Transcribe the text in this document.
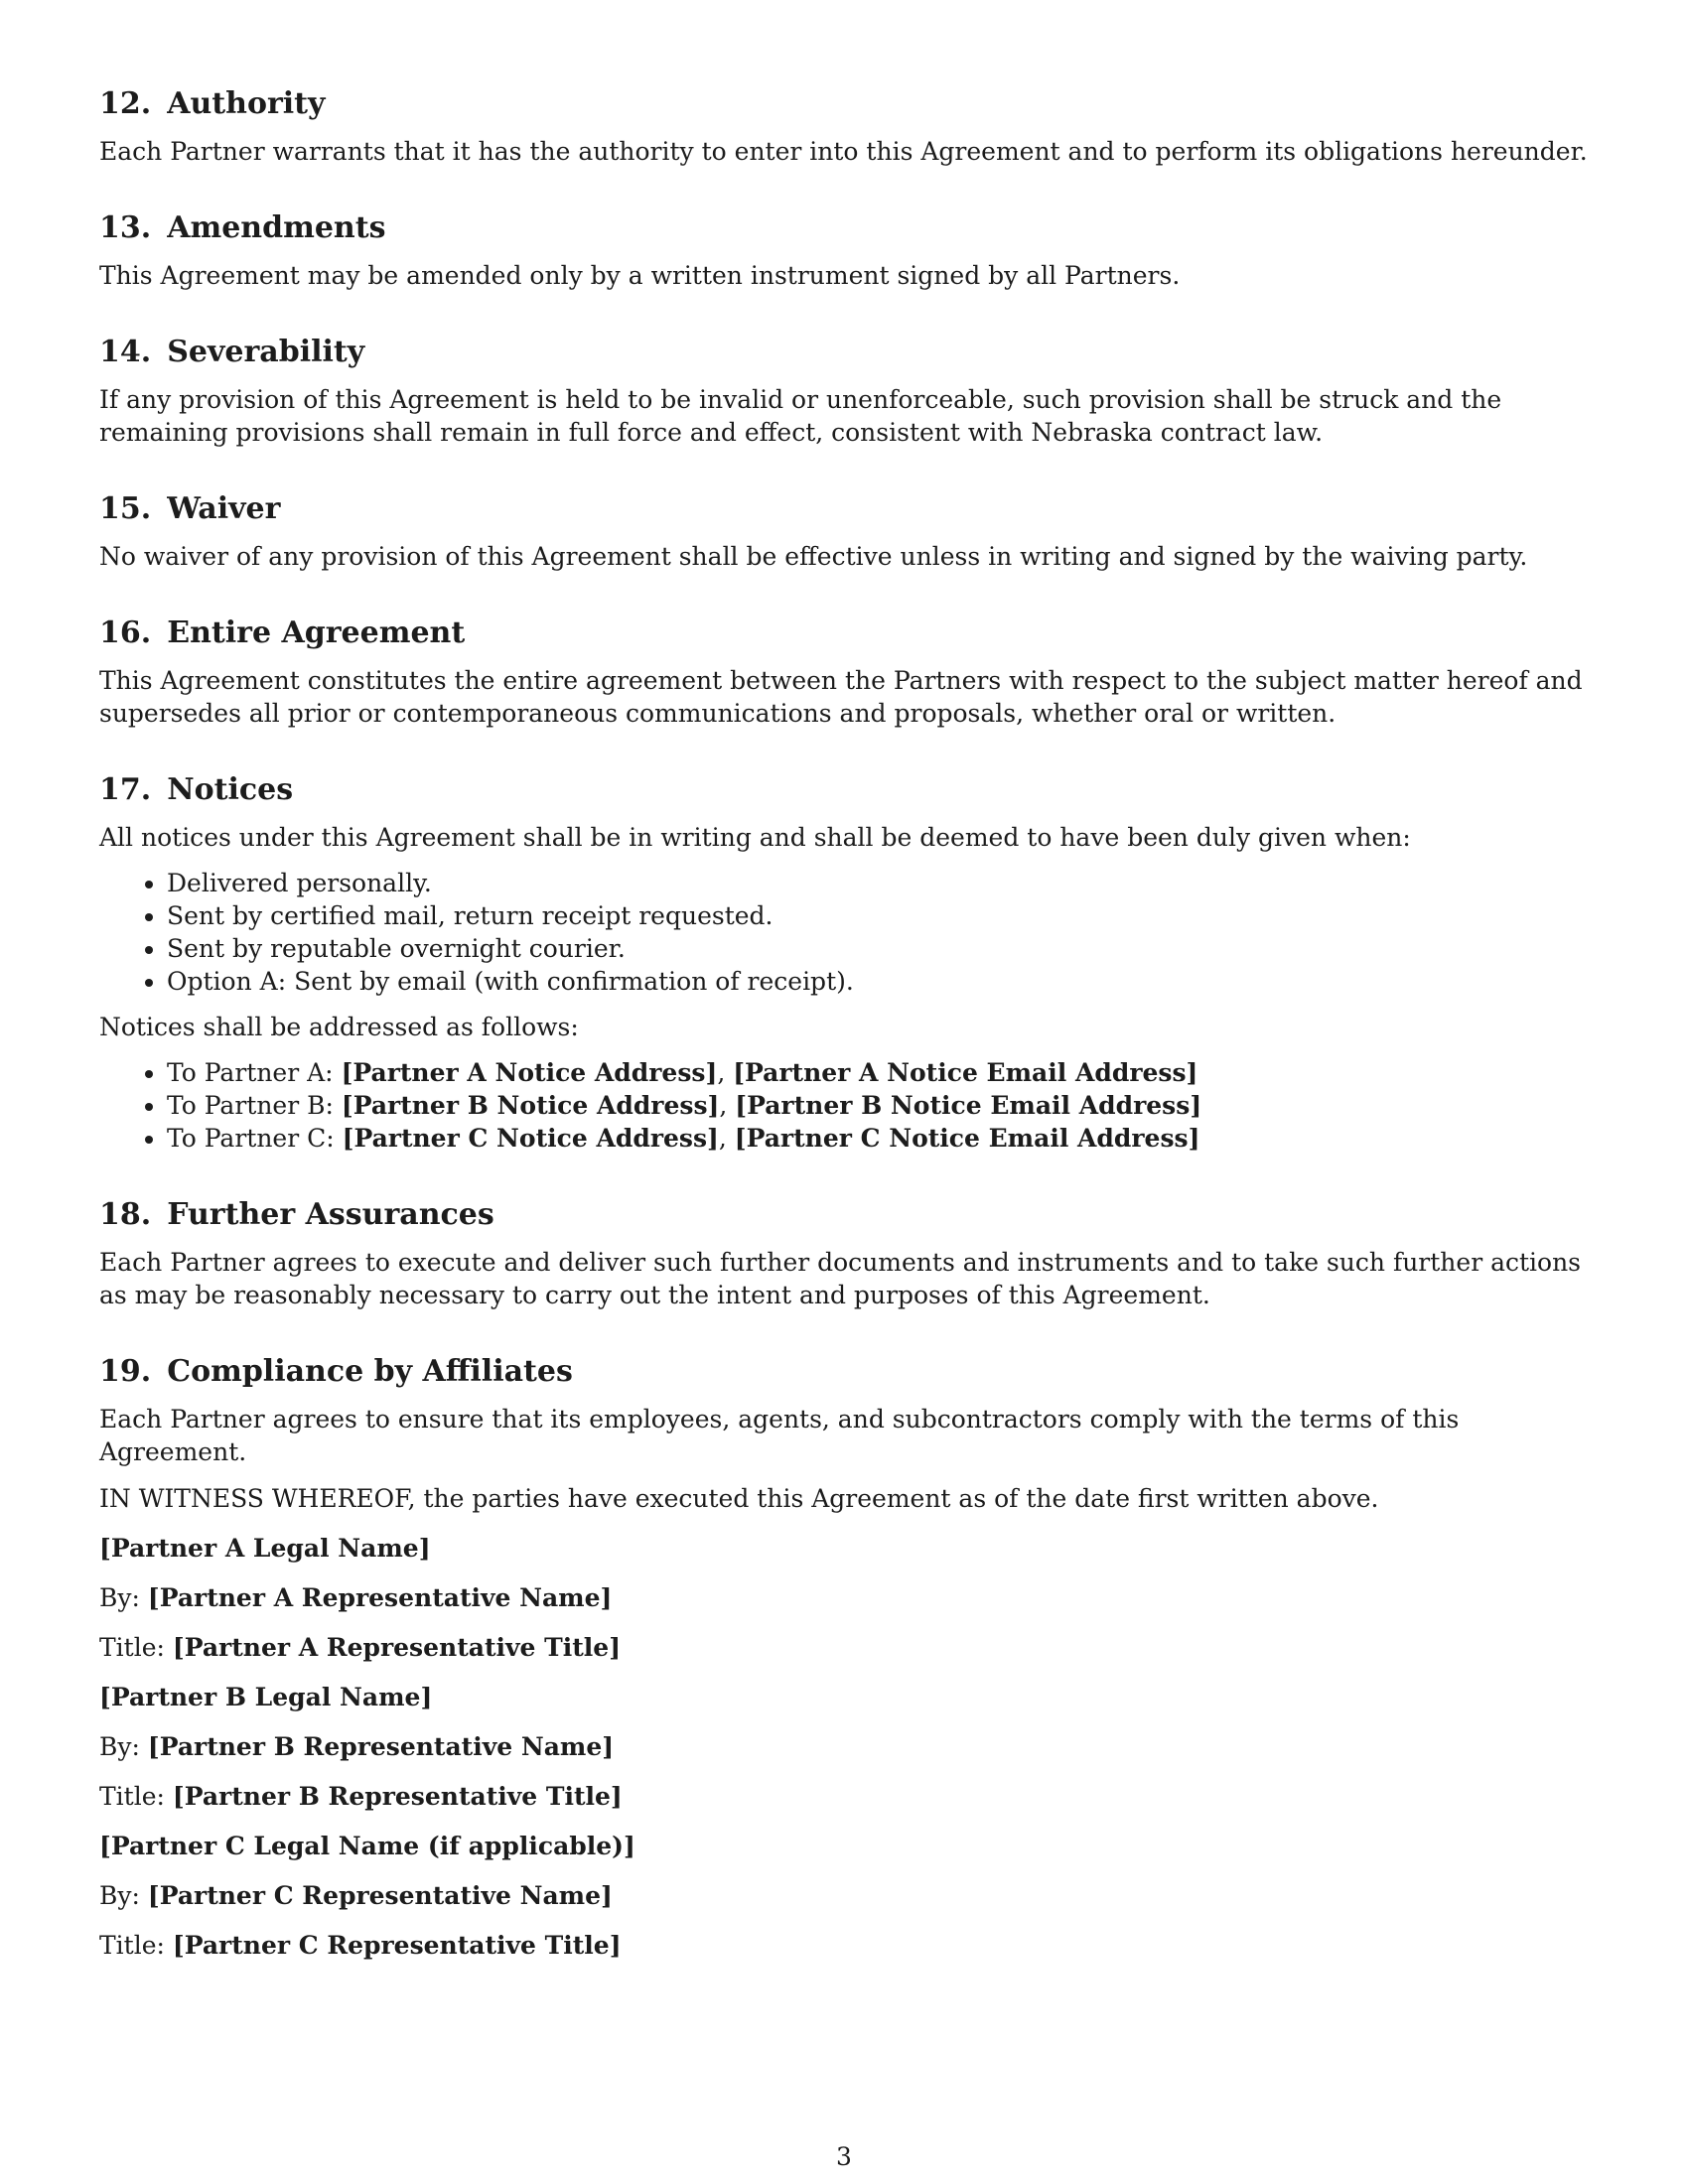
12. Authority

Each Partner warrants that it has the authority to enter into this Agreement and to perform its obligations hereunder.

13. Amendments

This Agreement may be amended only by a written instrument signed by all Partners.

14. Severability

If any provision of this Agreement is held to be invalid or unenforceable, such provision shall be struck and the remaining provisions shall remain in full force and effect, consistent with Nebraska contract law.

15. Waiver

No waiver of any provision of this Agreement shall be effective unless in writing and signed by the waiving party.

16. Entire Agreement

This Agreement constitutes the entire agreement between the Partners with respect to the subject matter hereof and supersedes all prior or contemporaneous communications and proposals, whether oral or written.

17. Notices

All notices under this Agreement shall be in writing and shall be deemed to have been duly given when:

• Delivered personally.
• Sent by certified mail, return receipt requested.
• Sent by reputable overnight courier.
• Option A: Sent by email (with confirmation of receipt).

Notices shall be addressed as follows:

• To Partner A: [Partner A Notice Address], [Partner A Notice Email Address]
• To Partner B: [Partner B Notice Address], [Partner B Notice Email Address]
• To Partner C: [Partner C Notice Address], [Partner C Notice Email Address]
18. Further Assurances

Each Partner agrees to execute and deliver such further documents and instruments and to take such further actions as may be reasonably necessary to carry out the intent and purposes of this Agreement.

19. Compliance by Affiliates

Each Partner agrees to ensure that its employees, agents, and subcontractors comply with the terms of this Agreement.

IN WITNESS WHEREOF, the parties have executed this Agreement as of the date first written above.

[Partner A Legal Name]

By: [Partner A Representative Name]

Title: [Partner A Representative Title]

[Partner B Legal Name]

By: [Partner B Representative Name]

Title: [Partner B Representative Title]

[Partner C Legal Name (if applicable)]

By: [Partner C Representative Name]

Title: [Partner C Representative Title]

3
